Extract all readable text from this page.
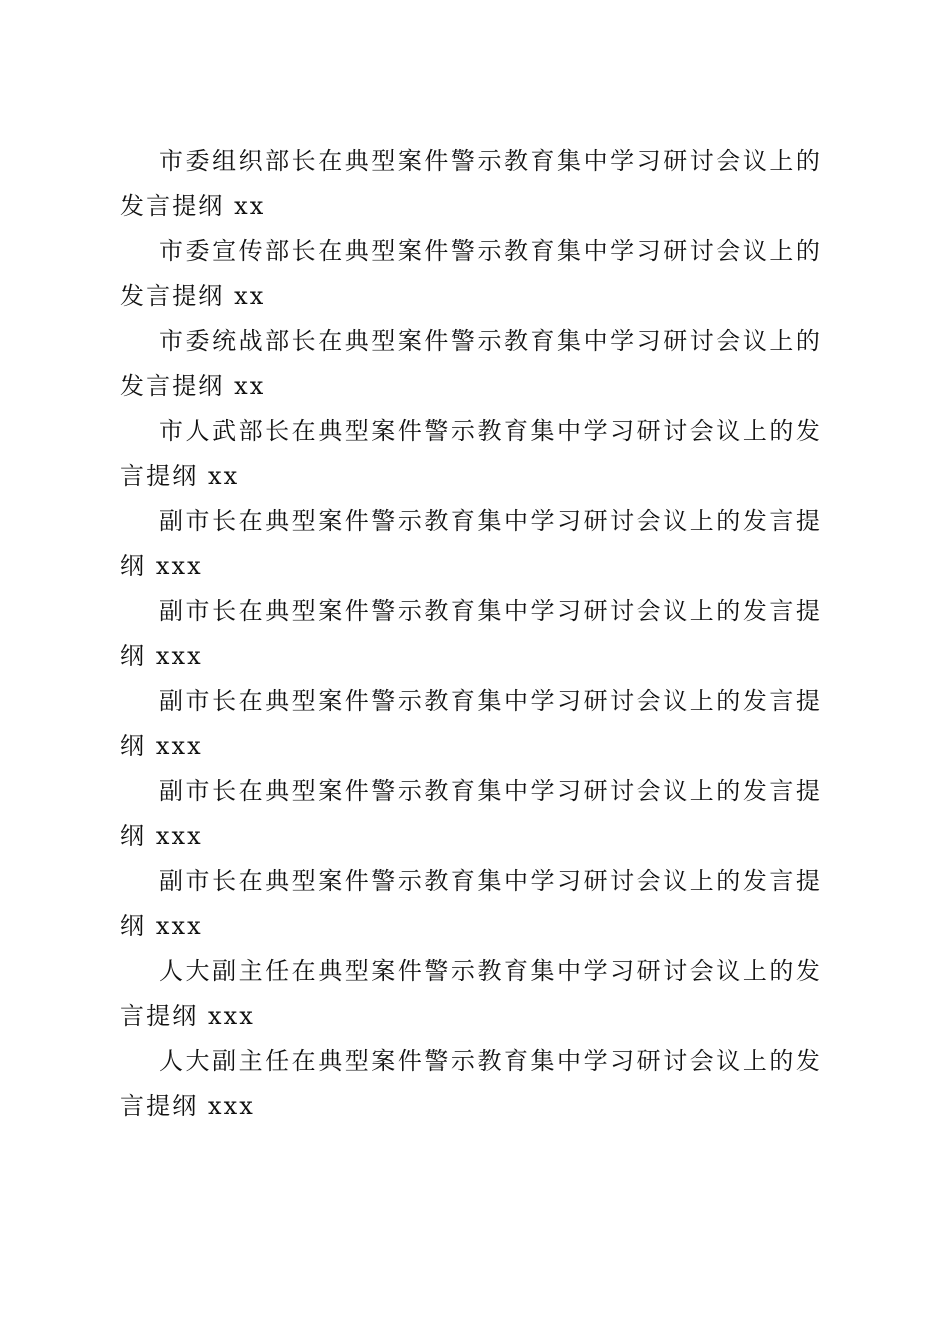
市委组织部长在典型案件警示教育集中学习研讨会议上的发言提纲 xx

市委宣传部长在典型案件警示教育集中学习研讨会议上的发言提纲 xx

市委统战部长在典型案件警示教育集中学习研讨会议上的发言提纲 xx

市人武部长在典型案件警示教育集中学习研讨会议上的发言提纲 xx

副市长在典型案件警示教育集中学习研讨会议上的发言提纲 xxx

副市长在典型案件警示教育集中学习研讨会议上的发言提纲 xxx

副市长在典型案件警示教育集中学习研讨会议上的发言提纲 xxx

副市长在典型案件警示教育集中学习研讨会议上的发言提纲 xxx

副市长在典型案件警示教育集中学习研讨会议上的发言提纲 xxx

人大副主任在典型案件警示教育集中学习研讨会议上的发言提纲 xxx

人大副主任在典型案件警示教育集中学习研讨会议上的发言提纲 xxx
